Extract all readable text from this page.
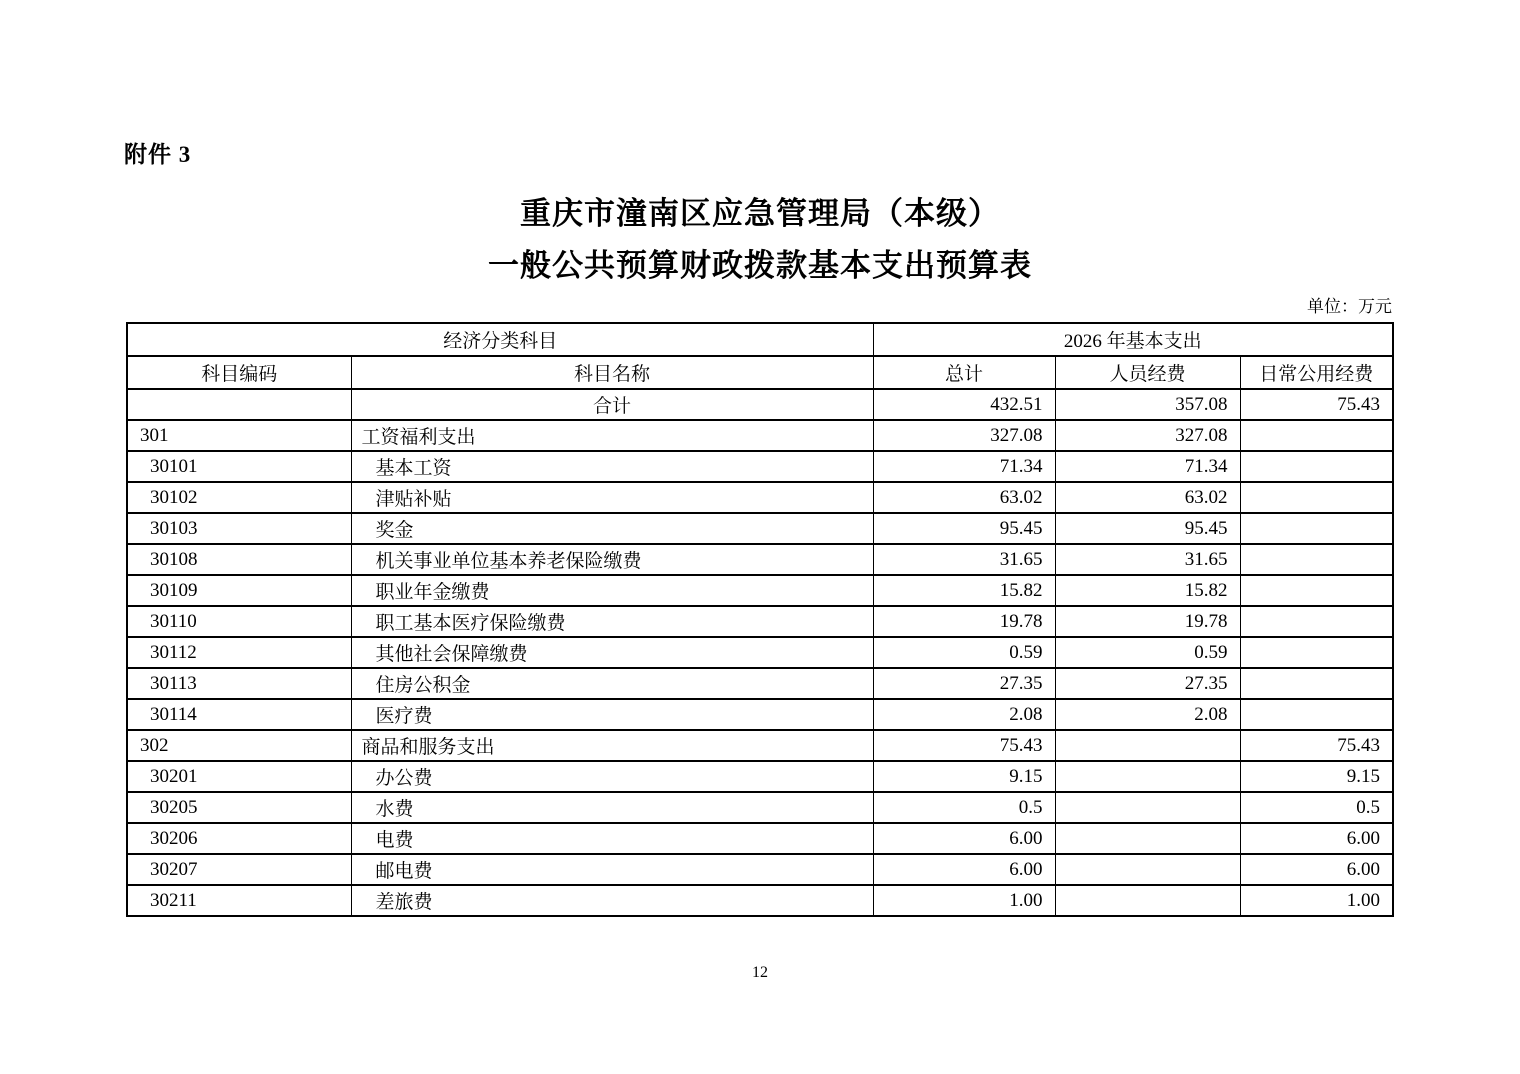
附件 3
重庆市潼南区应急管理局（本级）
一般公共预算财政拨款基本支出预算表
单位：万元
经济分类科目		2026 年基本支出		
科目编码	科目名称	总计	人员经费	日常公用经费
	合计	432.51	357.08	75.43
301	工资福利支出	327.08	327.08	
30101	基本工资	71.34	71.34	
30102	津贴补贴	63.02	63.02	
30103	奖金	95.45	95.45	
30108	机关事业单位基本养老保险缴费	31.65	31.65	
30109	职业年金缴费	15.82	15.82	
30110	职工基本医疗保险缴费	19.78	19.78	
30112	其他社会保障缴费	0.59	0.59	
30113	住房公积金	27.35	27.35	
30114	医疗费	2.08	2.08	
302	商品和服务支出	75.43		75.43
30201	办公费	9.15		9.15
30205	水费	0.5		0.5
30206	电费	6.00		6.00
30207	邮电费	6.00		6.00
30211	差旅费	1.00		1.00
12
